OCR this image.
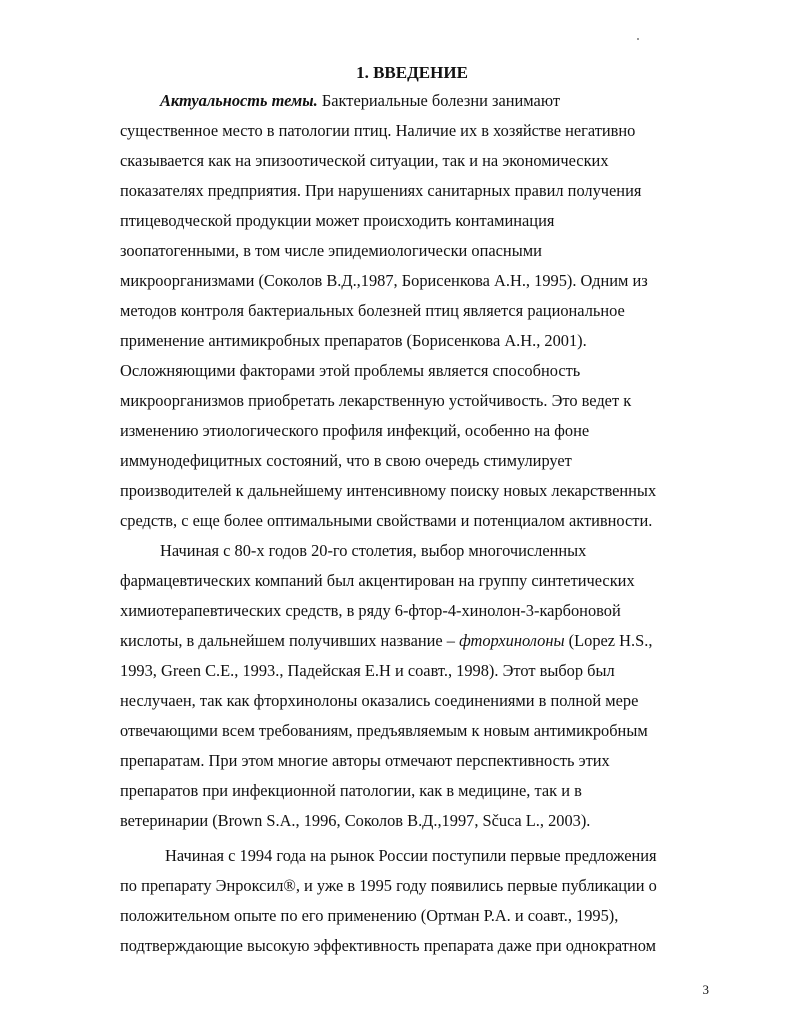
1. ВВЕДЕНИЕ
Актуальность темы. Бактериальные болезни занимают
существенное место в патологии птиц. Наличие их в хозяйстве негативно
сказывается как на эпизоотической ситуации, так и на экономических
показателях предприятия. При нарушениях санитарных правил получения
птицеводческой продукции может происходить контаминация
зоопатогенными, в том числе эпидемиологически опасными
микроорганизмами (Соколов В.Д.,1987, Борисенкова А.Н., 1995). Одним из
методов контроля бактериальных болезней птиц является рациональное
применение антимикробных препаратов (Борисенкова А.Н., 2001).
Осложняющими факторами этой проблемы является способность
микроорганизмов приобретать лекарственную устойчивость. Это ведет к
изменению этиологического профиля инфекций, особенно на фоне
иммунодефицитных состояний, что в свою очередь стимулирует
производителей к дальнейшему интенсивному поиску новых лекарственных
средств, с еще более оптимальными свойствами и потенциалом активности.
Начиная с 80-х годов 20-го столетия, выбор многочисленных
фармацевтических компаний был акцентирован на группу синтетических
химиотерапевтических средств, в ряду 6-фтор-4-хинолон-3-карбоновой
кислоты, в дальнейшем получивших название – фторхинолоны (Lopez H.S.,
1993, Green C.E., 1993., Падейская Е.Н и соавт., 1998). Этот выбор был
неслучаен, так как фторхинолоны оказались соединениями в полной мере
отвечающими всем требованиям, предъявляемым к новым антимикробным
препаратам. При этом многие авторы отмечают перспективность этих
препаратов при инфекционной патологии, как в медицине, так и в
ветеринарии (Brown S.A., 1996, Соколов В.Д.,1997, Sčuca L., 2003).
Начиная с 1994 года на рынок России поступили первые предложения
по препарату Энроксил®, и уже в 1995 году появились первые публикации о
положительном опыте по его применению (Ортман Р.А. и соавт., 1995),
подтверждающие высокую эффективность препарата даже при однократном
3
